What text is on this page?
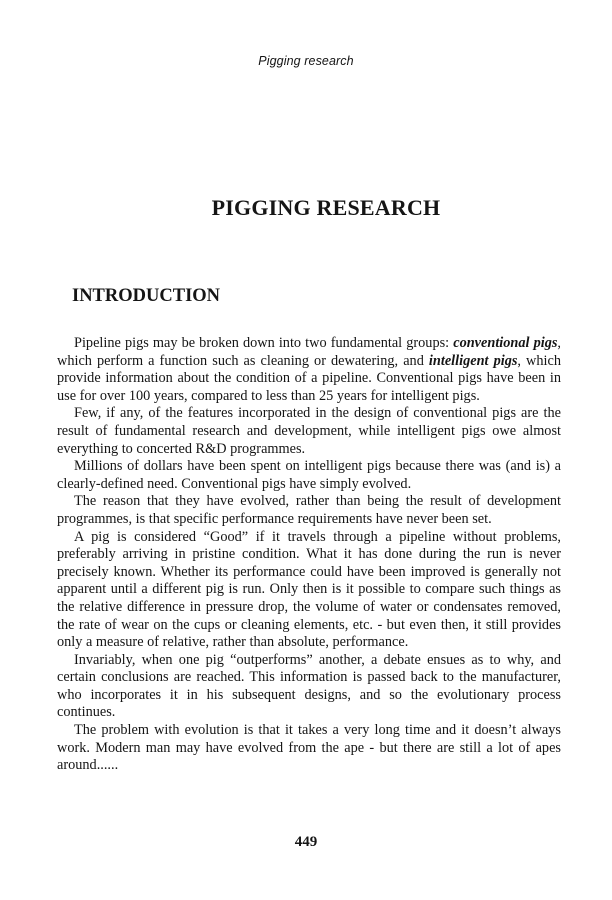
Pigging research
PIGGING RESEARCH
INTRODUCTION

Pipeline pigs may be broken down into two fundamental groups: conventional pigs, which perform a function such as cleaning or dewatering, and intelligent pigs, which provide information about the condition of a pipeline. Conventional pigs have been in use for over 100 years, compared to less than 25 years for intelligent pigs.

Few, if any, of the features incorporated in the design of conventional pigs are the result of fundamental research and development, while intelligent pigs owe almost everything to concerted R&D programmes.

Millions of dollars have been spent on intelligent pigs because there was (and is) a clearly-defined need. Conventional pigs have simply evolved.

The reason that they have evolved, rather than being the result of development programmes, is that specific performance requirements have never been set.

A pig is considered “Good” if it travels through a pipeline without problems, preferably arriving in pristine condition. What it has done during the run is never precisely known. Whether its performance could have been improved is generally not apparent until a different pig is run. Only then is it possible to compare such things as the relative difference in pressure drop, the volume of water or condensates removed, the rate of wear on the cups or cleaning elements, etc. - but even then, it still provides only a measure of relative, rather than absolute, performance.

Invariably, when one pig “outperforms” another, a debate ensues as to why, and certain conclusions are reached. This information is passed back to the manufacturer, who incorporates it in his subsequent designs, and so the evolutionary process continues.

The problem with evolution is that it takes a very long time and it doesn’t always work. Modern man may have evolved from the ape - but there are still a lot of apes around......

449
